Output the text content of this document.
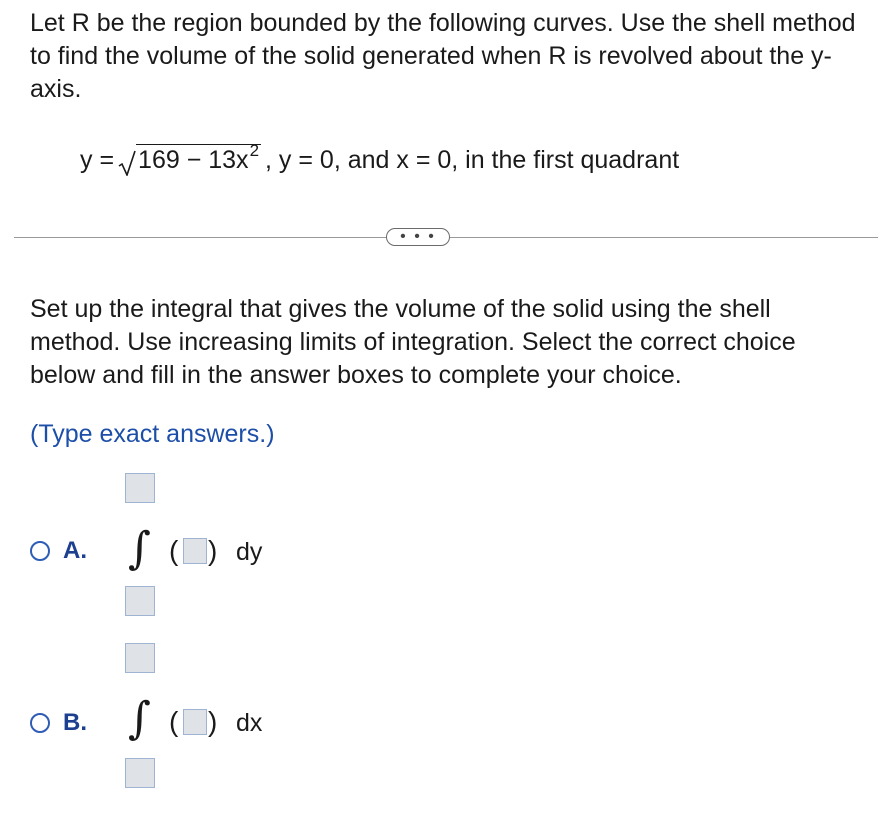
Let R be the region bounded by the following curves. Use the shell method to find the volume of the solid generated when R is revolved about the y-axis.
$y = 169 - 13x^2$ , y = 0, and x = 0, in the first quadrant
• • •
Set up the integral that gives the volume of the solid using the shell method. Use increasing limits of integration. Select the correct choice below and fill in the answer boxes to complete your choice.
(Type exact answers.)
A. ∫ ( ) dy
B. ∫ ( ) dx
